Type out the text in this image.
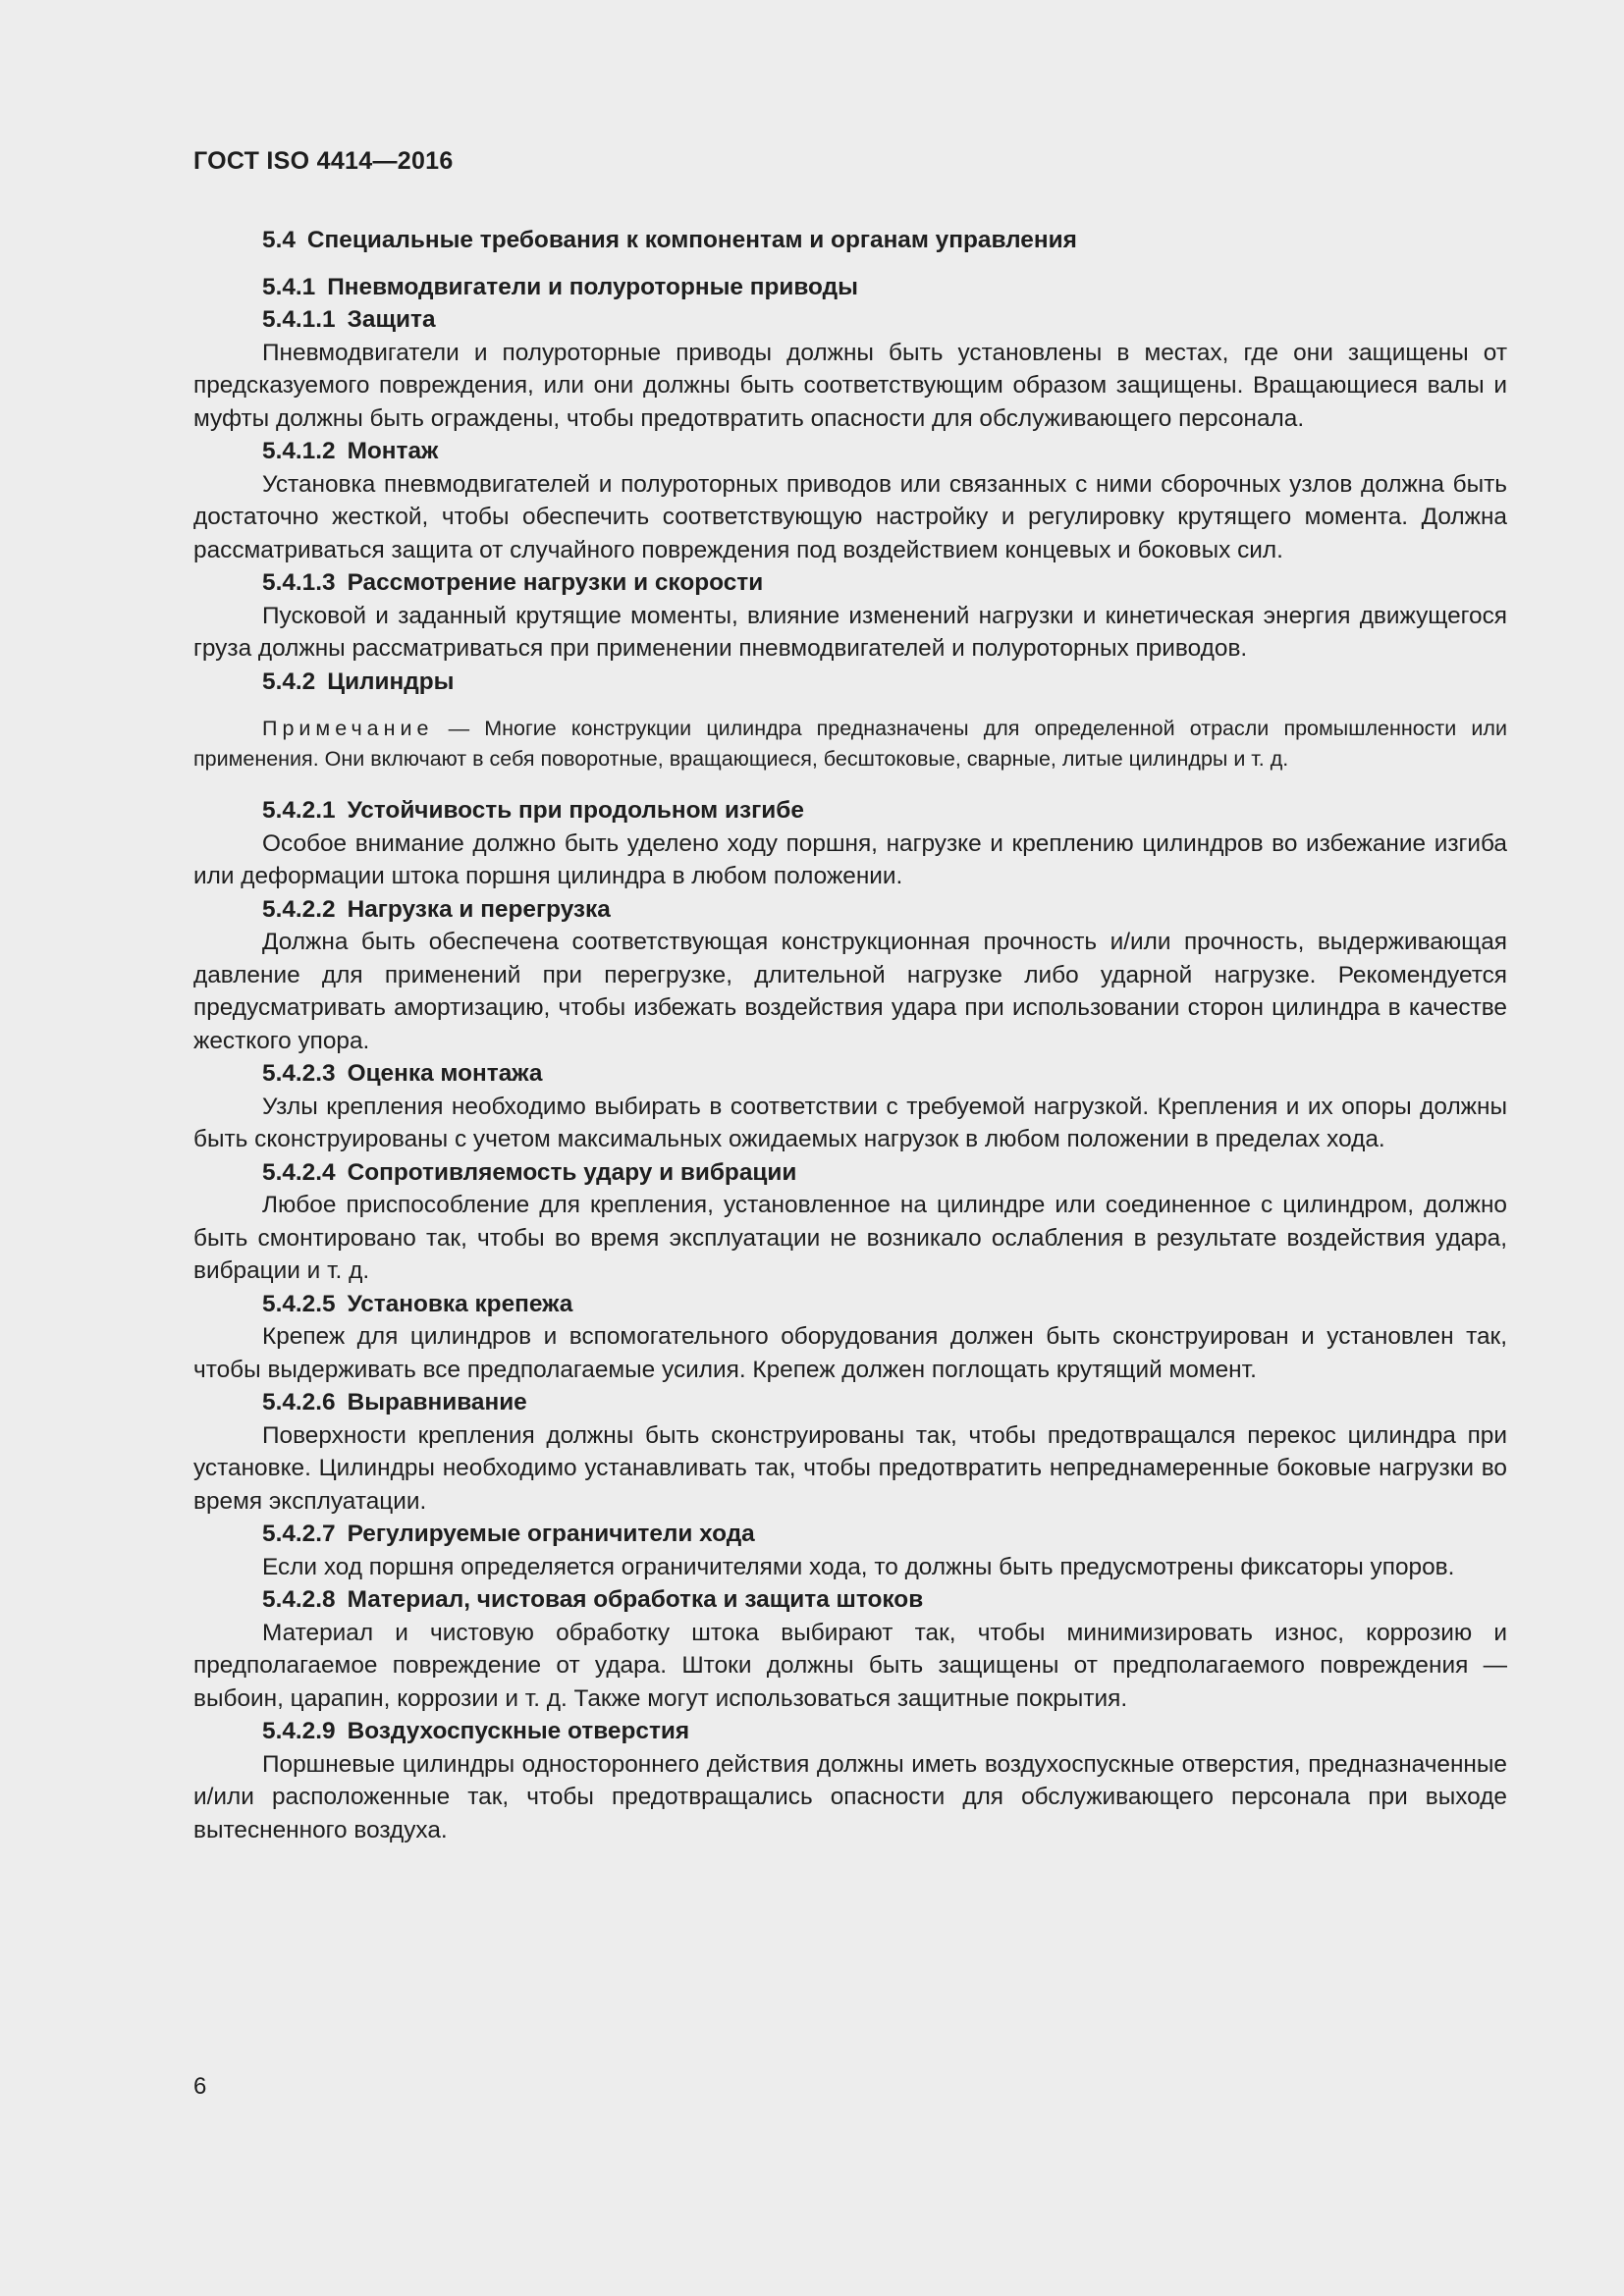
ГОСТ ISO 4414—2016
5.4 Специальные требования к компонентам и органам управления
5.4.1 Пневмодвигатели и полуроторные приводы
5.4.1.1 Защита

Пневмодвигатели и полуроторные приводы должны быть установлены в местах, где они защищены от предсказуемого повреждения, или они должны быть соответствующим образом защищены. Вращающиеся валы и муфты должны быть ограждены, чтобы предотвратить опасности для обслуживающего персонала.

5.4.1.2 Монтаж

Установка пневмодвигателей и полуроторных приводов или связанных с ними сборочных узлов должна быть достаточно жесткой, чтобы обеспечить соответствующую настройку и регулировку крутящего момента. Должна рассматриваться защита от случайного повреждения под воздействием концевых и боковых сил.

5.4.1.3 Рассмотрение нагрузки и скорости

Пусковой и заданный крутящие моменты, влияние изменений нагрузки и кинетическая энергия движущегося груза должны рассматриваться при применении пневмодвигателей и полуроторных приводов.

5.4.2 Цилиндры

Примечание — Многие конструкции цилиндра предназначены для определенной отрасли промышленности или применения. Они включают в себя поворотные, вращающиеся, бесштоковые, сварные, литые цилиндры и т. д.

5.4.2.1 Устойчивость при продольном изгибе

Особое внимание должно быть уделено ходу поршня, нагрузке и креплению цилиндров во избежание изгиба или деформации штока поршня цилиндра в любом положении.

5.4.2.2 Нагрузка и перегрузка

Должна быть обеспечена соответствующая конструкционная прочность и/или прочность, выдерживающая давление для применений при перегрузке, длительной нагрузке либо ударной нагрузке. Рекомендуется предусматривать амортизацию, чтобы избежать воздействия удара при использовании сторон цилиндра в качестве жесткого упора.

5.4.2.3 Оценка монтажа

Узлы крепления необходимо выбирать в соответствии с требуемой нагрузкой. Крепления и их опоры должны быть сконструированы с учетом максимальных ожидаемых нагрузок в любом положении в пределах хода.

5.4.2.4 Сопротивляемость удару и вибрации

Любое приспособление для крепления, установленное на цилиндре или соединенное с цилиндром, должно быть смонтировано так, чтобы во время эксплуатации не возникало ослабления в результате воздействия удара, вибрации и т. д.

5.4.2.5 Установка крепежа

Крепеж для цилиндров и вспомогательного оборудования должен быть сконструирован и установлен так, чтобы выдерживать все предполагаемые усилия. Крепеж должен поглощать крутящий момент.

5.4.2.6 Выравнивание

Поверхности крепления должны быть сконструированы так, чтобы предотвращался перекос цилиндра при установке. Цилиндры необходимо устанавливать так, чтобы предотвратить непреднамеренные боковые нагрузки во время эксплуатации.

5.4.2.7 Регулируемые ограничители хода

Если ход поршня определяется ограничителями хода, то должны быть предусмотрены фиксаторы упоров.

5.4.2.8 Материал, чистовая обработка и защита штоков

Материал и чистовую обработку штока выбирают так, чтобы минимизировать износ, коррозию и предполагаемое повреждение от удара. Штоки должны быть защищены от предполагаемого повреждения — выбоин, царапин, коррозии и т. д. Также могут использоваться защитные покрытия.

5.4.2.9 Воздухоспускные отверстия

Поршневые цилиндры одностороннего действия должны иметь воздухоспускные отверстия, предназначенные и/или расположенные так, чтобы предотвращались опасности для обслуживающего персонала при выходе вытесненного воздуха.

6
